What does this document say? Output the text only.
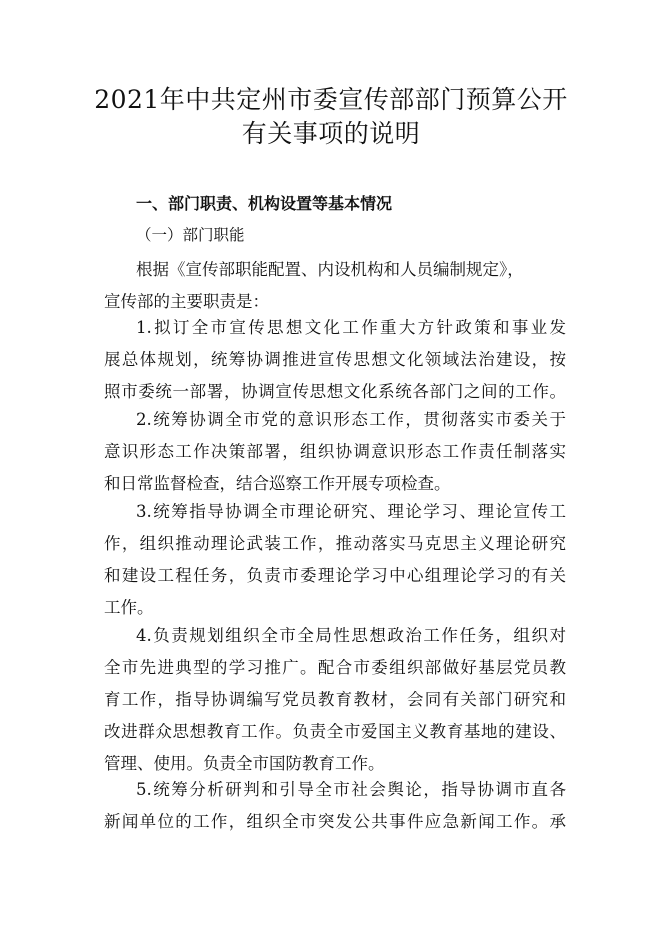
2021年中共定州市委宣传部部门预算公开
有关事项的说明
一、部门职责、机构设置等基本情况
（一）部门职能
根据《宣传部职能配置、内设机构和人员编制规定》，
宣传部的主要职责是：
1.拟订全市宣传思想文化工作重大方针政策和事业发
展总体规划，统筹协调推进宣传思想文化领域法治建设，按
照市委统一部署，协调宣传思想文化系统各部门之间的工作。
2.统筹协调全市党的意识形态工作，贯彻落实市委关于
意识形态工作决策部署，组织协调意识形态工作责任制落实
和日常监督检查，结合巡察工作开展专项检查。
3.统筹指导协调全市理论研究、理论学习、理论宣传工
作，组织推动理论武装工作，推动落实马克思主义理论研究
和建设工程任务，负责市委理论学习中心组理论学习的有关
工作。
4.负责规划组织全市全局性思想政治工作任务，组织对
全市先进典型的学习推广。配合市委组织部做好基层党员教
育工作，指导协调编写党员教育教材，会同有关部门研究和
改进群众思想教育工作。负责全市爱国主义教育基地的建设、
管理、使用。负责全市国防教育工作。
5.统筹分析研判和引导全市社会舆论，指导协调市直各
新闻单位的工作，组织全市突发公共事件应急新闻工作。承
